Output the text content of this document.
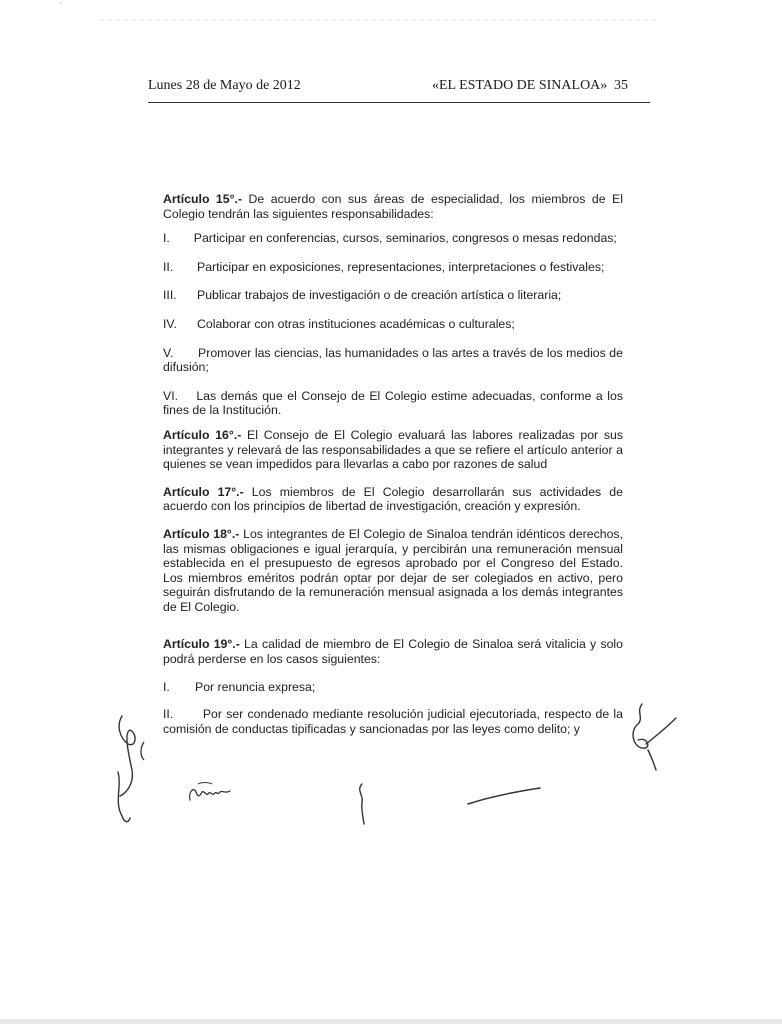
Lunes 28 de Mayo de 2012	«EL ESTADO DE SINALOA» 35

Artículo 15°.- De acuerdo con sus áreas de especialidad, los miembros de El Colegio tendrán las siguientes responsabilidades:

I. Participar en conferencias, cursos, seminarios, congresos o mesas redondas;
II.	Participar en exposiciones, representaciones, interpretaciones o festivales;
III.	Publicar trabajos de investigación o de creación artística o literaria;
IV.	Colaborar con otras instituciones académicas o culturales;
V. Promover las ciencias, las humanidades o las artes a través de los medios de difusión;
VI. Las demás que el Consejo de El Colegio estime adecuadas, conforme a los fines de la Institución.

Artículo 16°.- El Consejo de El Colegio evaluará las labores realizadas por sus integrantes y relevará de las responsabilidades a que se refiere el artículo anterior a quienes se vean impedidos para llevarlas a cabo por razones de salud

Artículo 17°.- Los miembros de El Colegio desarrollarán sus actividades de acuerdo con los principios de libertad de investigación, creación y expresión.

Artículo 18°.- Los integrantes de El Colegio de Sinaloa tendrán idénticos derechos, las mismas obligaciones e igual jerarquía, y percibirán una remuneración mensual establecida en el presupuesto de egresos aprobado por el Congreso del Estado. Los miembros eméritos podrán optar por dejar de ser colegiados en activo, pero seguirán disfrutando de la remuneración mensual asignada a los demás integrantes de El Colegio.

Artículo 19°.- La calidad de miembro de El Colegio de Sinaloa será vitalicia y solo podrá perderse en los casos siguientes:

I.	Por renuncia expresa;
II. Por ser condenado mediante resolución judicial ejecutoriada, respecto de la comisión de conductas tipificadas y sancionadas por las leyes como delito; y
